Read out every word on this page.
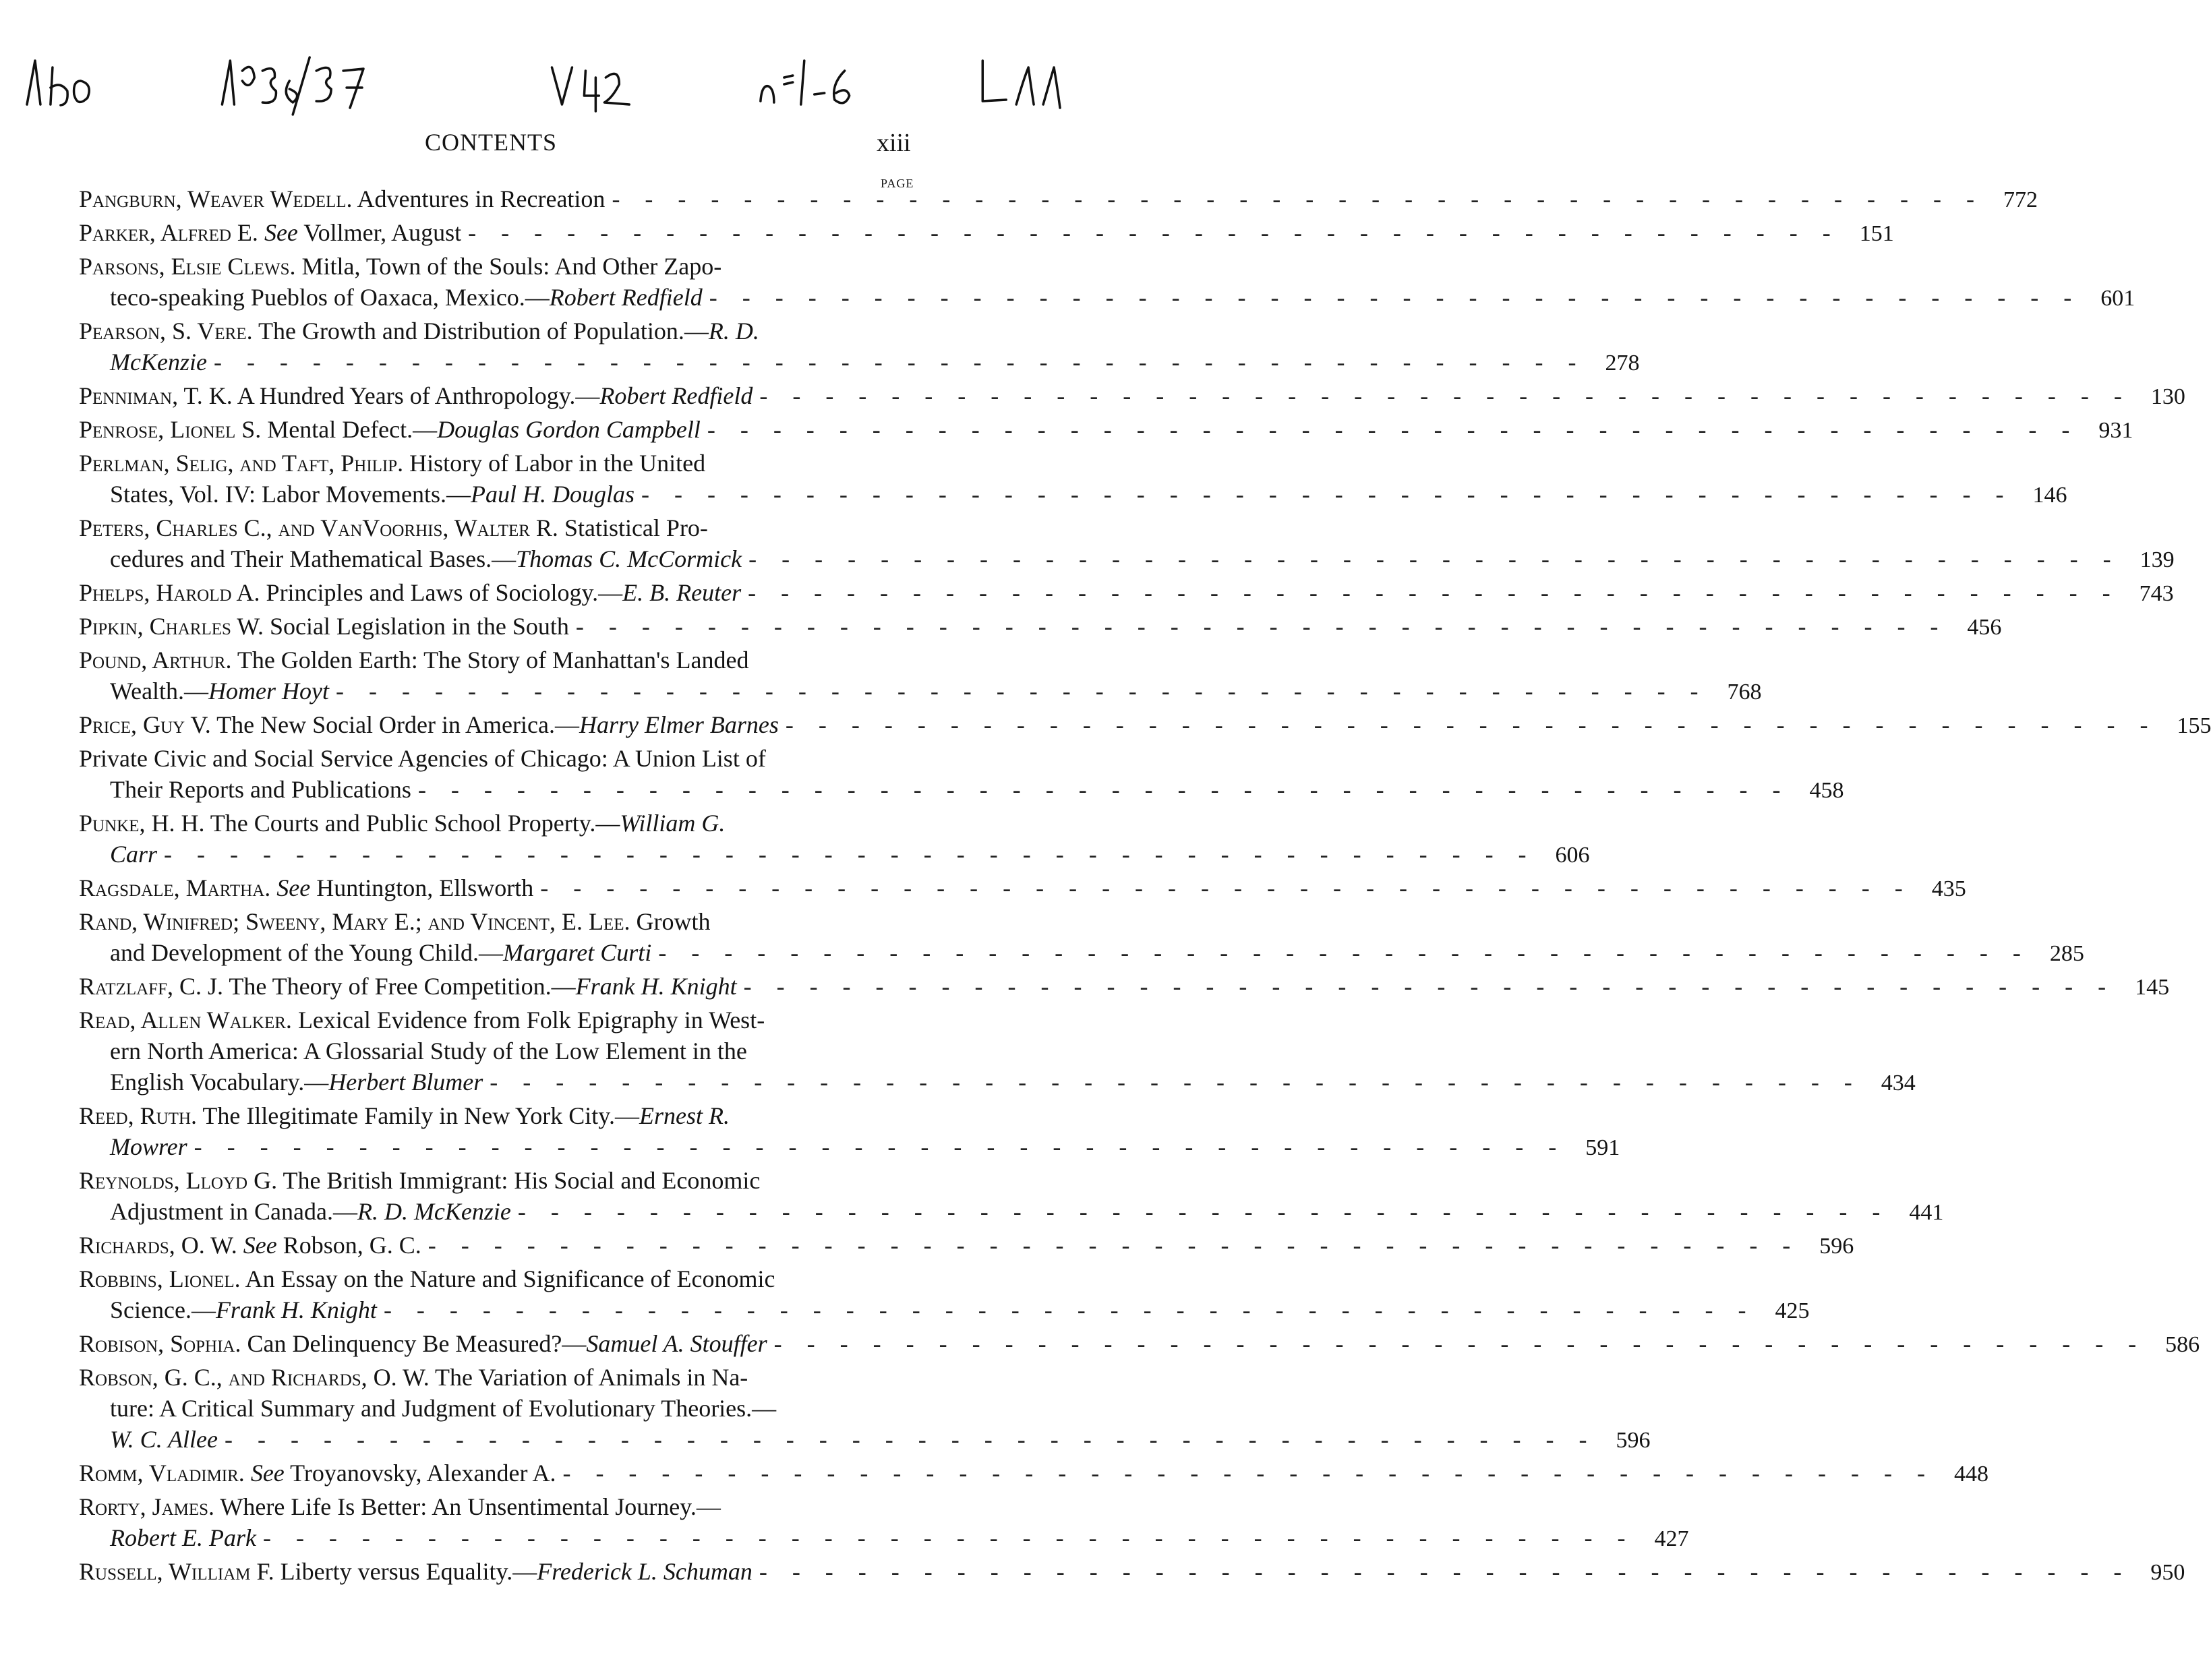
CONTENTS	xiii
PAGE
Pangburn, Weaver Wedell. Adventures in Recreation - - -	772
Parker, Alfred E. See Vollmer, August - - -	151
Parsons, Elsie Clews. Mitla, Town of the Souls: And Other Zapo-
teco-speaking Pueblos of Oaxaca, Mexico.—Robert Redfield - - -	601
Pearson, S. Vere. The Growth and Distribution of Population.—R. D.
McKenzie - - -	278
Penniman, T. K. A Hundred Years of Anthropology.—Robert Redfield - - -	130
Penrose, Lionel S. Mental Defect.—Douglas Gordon Campbell - - -	931
Perlman, Selig, and Taft, Philip. History of Labor in the United
States, Vol. IV: Labor Movements.—Paul H. Douglas - - -	146
Peters, Charles C., and VanVoorhis, Walter R. Statistical Pro-
cedures and Their Mathematical Bases.—Thomas C. McCormick - - -	139
Phelps, Harold A. Principles and Laws of Sociology.—E. B. Reuter - - -	743
Pipkin, Charles W. Social Legislation in the South - - -	456
Pound, Arthur. The Golden Earth: The Story of Manhattan's Landed
Wealth.—Homer Hoyt - - -	768
Price, Guy V. The New Social Order in America.—Harry Elmer Barnes - - -	155
Private Civic and Social Service Agencies of Chicago: A Union List of
Their Reports and Publications - - -	458
Punke, H. H. The Courts and Public School Property.—William G.
Carr - - -	606
Ragsdale, Martha. See Huntington, Ellsworth - - -	435
Rand, Winifred; Sweeny, Mary E.; and Vincent, E. Lee. Growth
and Development of the Young Child.—Margaret Curti - - -	285
Ratzlaff, C. J. The Theory of Free Competition.—Frank H. Knight - - -	145
Read, Allen Walker. Lexical Evidence from Folk Epigraphy in West-
ern North America: A Glossarial Study of the Low Element in the
English Vocabulary.—Herbert Blumer - - -	434
Reed, Ruth. The Illegitimate Family in New York City.—Ernest R.
Mowrer - - -	591
Reynolds, Lloyd G. The British Immigrant: His Social and Economic
Adjustment in Canada.—R. D. McKenzie - - -	441
Richards, O. W. See Robson, G. C. - - -	596
Robbins, Lionel. An Essay on the Nature and Significance of Economic
Science.—Frank H. Knight - - -	425
Robison, Sophia. Can Delinquency Be Measured?—Samuel A. Stouffer - - -	586
Robson, G. C., and Richards, O. W. The Variation of Animals in Na-
ture: A Critical Summary and Judgment of Evolutionary Theories.—
W. C. Allee - - -	596
Romm, Vladimir. See Troyanovsky, Alexander A. - - -	448
Rorty, James. Where Life Is Better: An Unsentimental Journey.—
Robert E. Park - - -	427
Russell, William F. Liberty versus Equality.—Frederick L. Schuman - - -	950
